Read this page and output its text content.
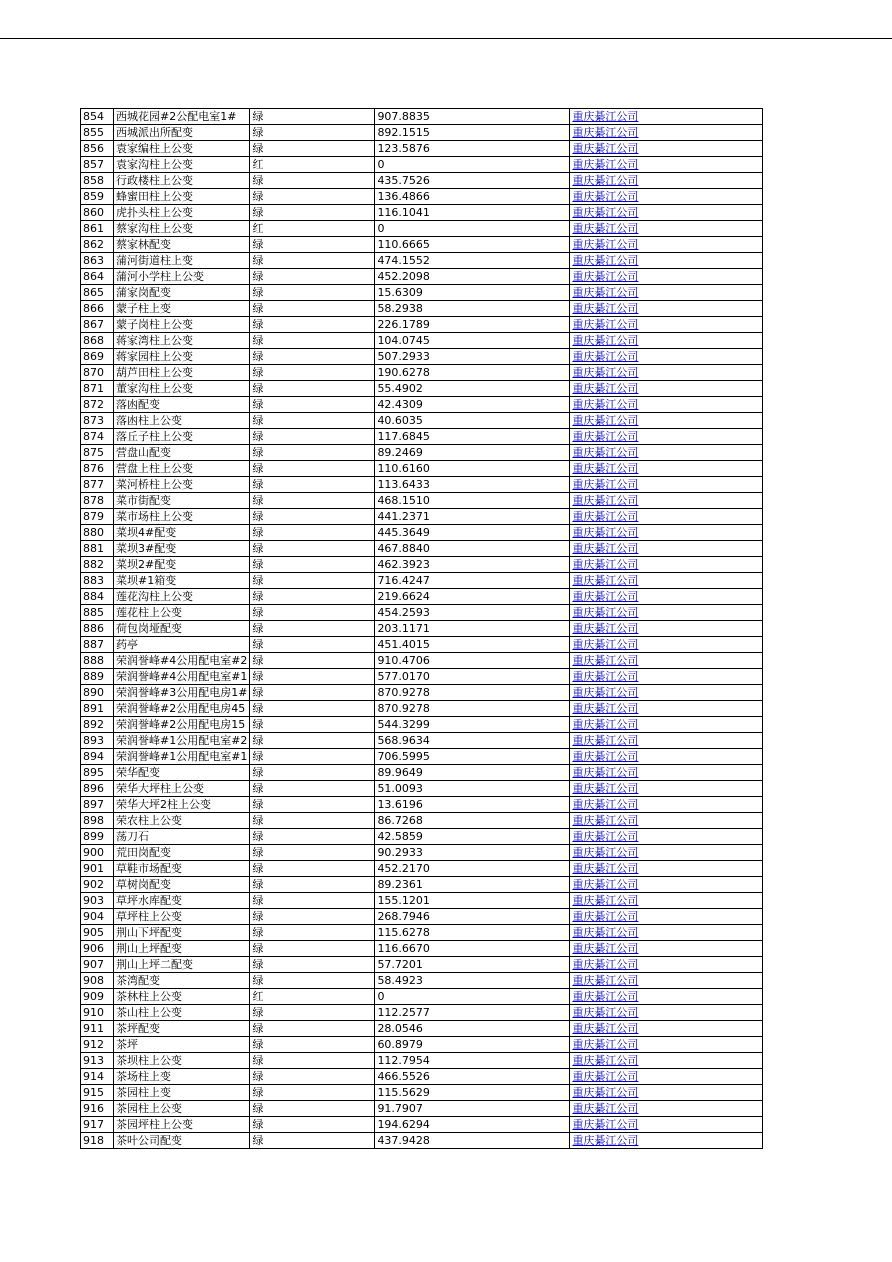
854	西城花园#2公配电室1#	绿	907.8835	重庆綦江公司
855	西城派出所配变	绿	892.1515	重庆綦江公司
856	袁家编柱上公变	绿	123.5876	重庆綦江公司
857	袁家沟柱上公变	红	0	重庆綦江公司
858	行政楼柱上公变	绿	435.7526	重庆綦江公司
859	蜂蜜田柱上公变	绿	136.4866	重庆綦江公司
860	虎扑头柱上公变	绿	116.1041	重庆綦江公司
861	蔡家沟柱上公变	红	0	重庆綦江公司
862	蔡家林配变	绿	110.6665	重庆綦江公司
863	蒲河街道柱上变	绿	474.1552	重庆綦江公司
864	蒲河小学柱上公变	绿	452.2098	重庆綦江公司
865	蒲家岗配变	绿	15.6309	重庆綦江公司
866	蒙子柱上变	绿	58.2938	重庆綦江公司
867	蒙子岗柱上公变	绿	226.1789	重庆綦江公司
868	蒋家湾柱上公变	绿	104.0745	重庆綦江公司
869	蒋家园柱上公变	绿	507.2933	重庆綦江公司
870	葫芦田柱上公变	绿	190.6278	重庆綦江公司
871	董家沟柱上公变	绿	55.4902	重庆綦江公司
872	落凼配变	绿	42.4309	重庆綦江公司
873	落凼柱上公变	绿	40.6035	重庆綦江公司
874	落丘子柱上公变	绿	117.6845	重庆綦江公司
875	营盘山配变	绿	89.2469	重庆綦江公司
876	营盘上柱上公变	绿	110.6160	重庆綦江公司
877	菜河桥柱上公变	绿	113.6433	重庆綦江公司
878	菜市街配变	绿	468.1510	重庆綦江公司
879	菜市场柱上公变	绿	441.2371	重庆綦江公司
880	菜坝4#配变	绿	445.3649	重庆綦江公司
881	菜坝3#配变	绿	467.8840	重庆綦江公司
882	菜坝2#配变	绿	462.3923	重庆綦江公司
883	菜坝#1箱变	绿	716.4247	重庆綦江公司
884	莲花沟柱上公变	绿	219.6624	重庆綦江公司
885	莲花柱上公变	绿	454.2593	重庆綦江公司
886	荷包岗垭配变	绿	203.1171	重庆綦江公司
887	药亭	绿	451.4015	重庆綦江公司
888	荣润誉峰#4公用配电室#2	绿	910.4706	重庆綦江公司
889	荣润誉峰#4公用配电室#1	绿	577.0170	重庆綦江公司
890	荣润誉峰#3公用配电房1#	绿	870.9278	重庆綦江公司
891	荣润誉峰#2公用配电房45	绿	870.9278	重庆綦江公司
892	荣润誉峰#2公用配电房15	绿	544.3299	重庆綦江公司
893	荣润誉峰#1公用配电室#2	绿	568.9634	重庆綦江公司
894	荣润誉峰#1公用配电室#1	绿	706.5995	重庆綦江公司
895	荣华配变	绿	89.9649	重庆綦江公司
896	荣华大坪柱上公变	绿	51.0093	重庆綦江公司
897	荣华大坪2柱上公变	绿	13.6196	重庆綦江公司
898	荣农柱上公变	绿	86.7268	重庆綦江公司
899	荡刀石	绿	42.5859	重庆綦江公司
900	荒田岗配变	绿	90.2933	重庆綦江公司
901	草鞋市场配变	绿	452.2170	重庆綦江公司
902	草树岗配变	绿	89.2361	重庆綦江公司
903	草坪水库配变	绿	155.1201	重庆綦江公司
904	草坪柱上公变	绿	268.7946	重庆綦江公司
905	荆山下坪配变	绿	115.6278	重庆綦江公司
906	荆山上坪配变	绿	116.6670	重庆綦江公司
907	荆山上坪二配变	绿	57.7201	重庆綦江公司
908	茶湾配变	绿	58.4923	重庆綦江公司
909	茶林柱上公变	红	0	重庆綦江公司
910	茶山柱上公变	绿	112.2577	重庆綦江公司
911	茶坪配变	绿	28.0546	重庆綦江公司
912	茶坪	绿	60.8979	重庆綦江公司
913	茶坝柱上公变	绿	112.7954	重庆綦江公司
914	茶场柱上变	绿	466.5526	重庆綦江公司
915	茶园柱上变	绿	115.5629	重庆綦江公司
916	茶园柱上公变	绿	91.7907	重庆綦江公司
917	茶园坪柱上公变	绿	194.6294	重庆綦江公司
918	茶叶公司配变	绿	437.9428	重庆綦江公司
